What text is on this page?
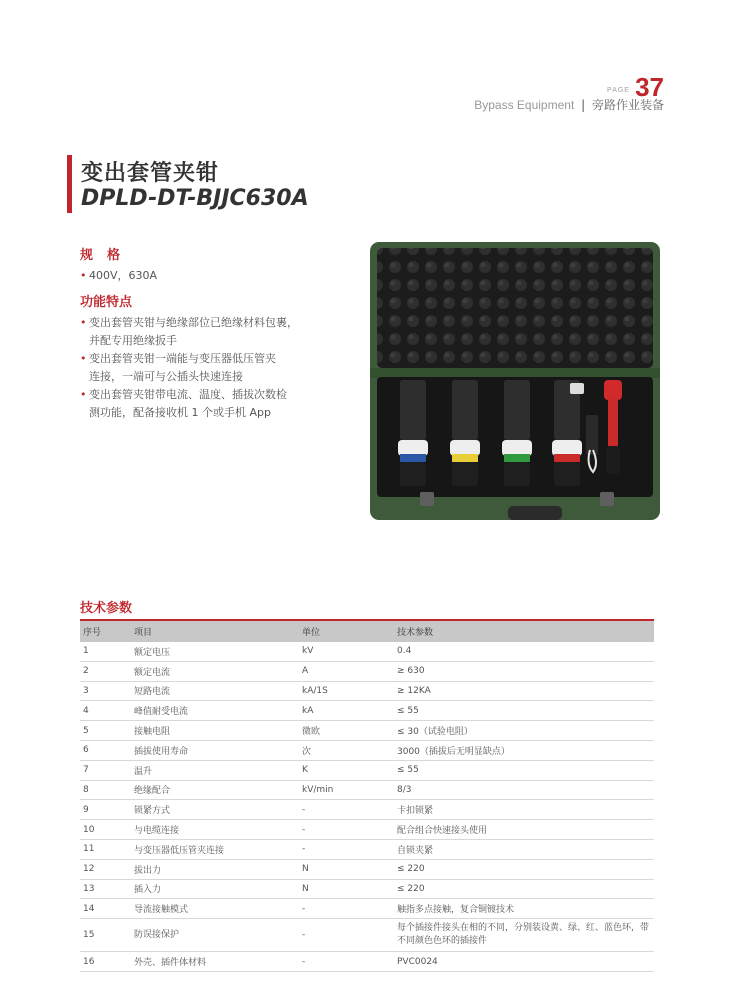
$^{PAGE}$ 37
Bypass Equipment | 旁路作业装备
变出套管夹钳
DPLD-DT-BJJC630A
规格
• 400V，630A
功能特点
• 变出套管夹钳与绝缘部位已绝缘材料包裹，
并配专用绝缘扳手
• 变出套管夹钳一端能与变压器低压管夹
连接，一端可与公插头快速连接
• 变出套管夹钳带电流、温度、插拔次数检
测功能，配备接收机 1 个或手机 App
技术参数
序号	项目	单位	技术参数
1	额定电压	kV	0.4
2	额定电流	A	≥ 630
3	短路电流	kA/1S	≥ 12KA
4	峰值耐受电流	kA	≤ 55
5	接触电阻	微欧	≤ 30（试验电阻）
6	插拔使用寿命	次	3000（插拔后无明显缺点）
7	温升	K	≤ 55
8	绝缘配合	kV/min	8/3
9	锁紧方式	-	卡扣锁紧
10	与电缆连接	-	配合组合快速接头使用
11	与变压器低压管夹连接	-	自锁夹紧
12	拔出力	N	≤ 220
13	插入力	N	≤ 220
14	导流接触模式	-	触指多点接触，复合铜镀技术
15	防误接保护	-	每个插接件接头在相的不同，分别装设黄、绿、红、蓝色环，带不同颜色色环的插接件
16	外壳、插件体材料	-	PVC0024
